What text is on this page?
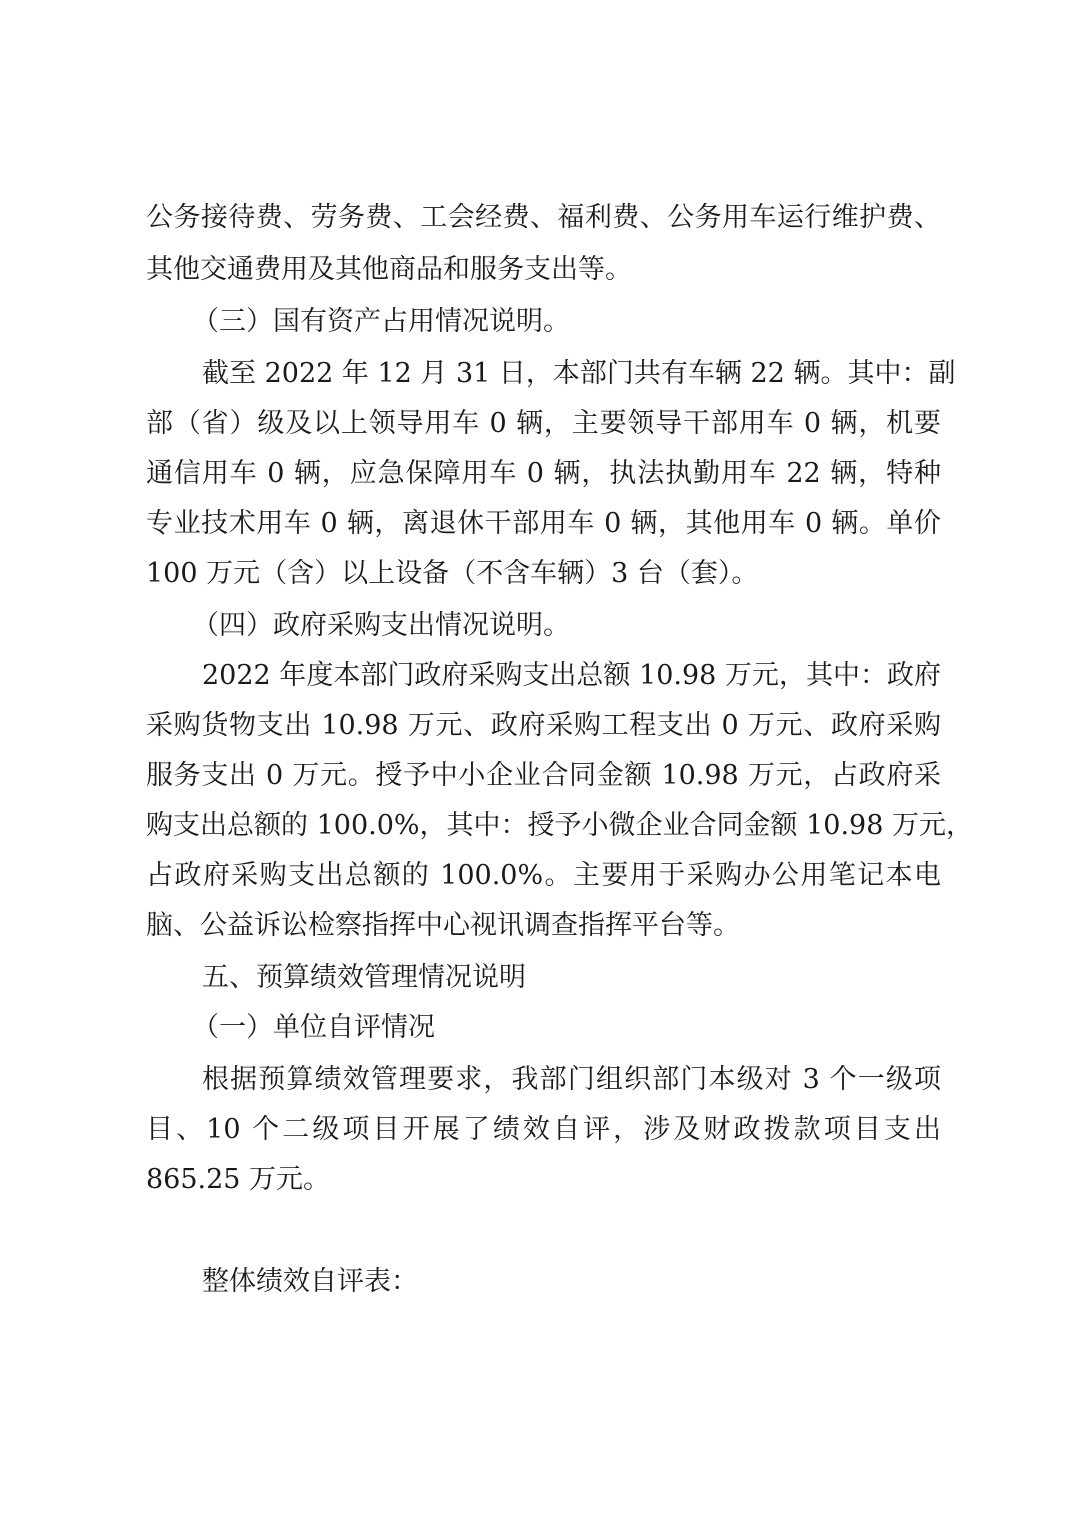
公务接待费、劳务费、工会经费、福利费、公务用车运行维护费、
其他交通费用及其他商品和服务支出等。
（三）国有资产占用情况说明。
截至 2022 年 12 月 31 日，本部门共有车辆 22 辆。其中：副
部（省）级及以上领导用车 0 辆，主要领导干部用车 0 辆，机要
通信用车 0 辆，应急保障用车 0 辆，执法执勤用车 22 辆，特种
专业技术用车 0 辆，离退休干部用车 0 辆，其他用车 0 辆。单价
100 万元（含）以上设备（不含车辆）3 台（套）。
（四）政府采购支出情况说明。
2022 年度本部门政府采购支出总额 10.98 万元，其中：政府
采购货物支出 10.98 万元、政府采购工程支出 0 万元、政府采购
服务支出 0 万元。授予中小企业合同金额 10.98 万元，占政府采
购支出总额的 100.0%，其中：授予小微企业合同金额 10.98 万元，
占政府采购支出总额的 100.0%。主要用于采购办公用笔记本电
脑、公益诉讼检察指挥中心视讯调查指挥平台等。
五、预算绩效管理情况说明
（一）单位自评情况
根据预算绩效管理要求，我部门组织部门本级对 3 个一级项
目、10 个二级项目开展了绩效自评，涉及财政拨款项目支出
865.25 万元。
整体绩效自评表：
